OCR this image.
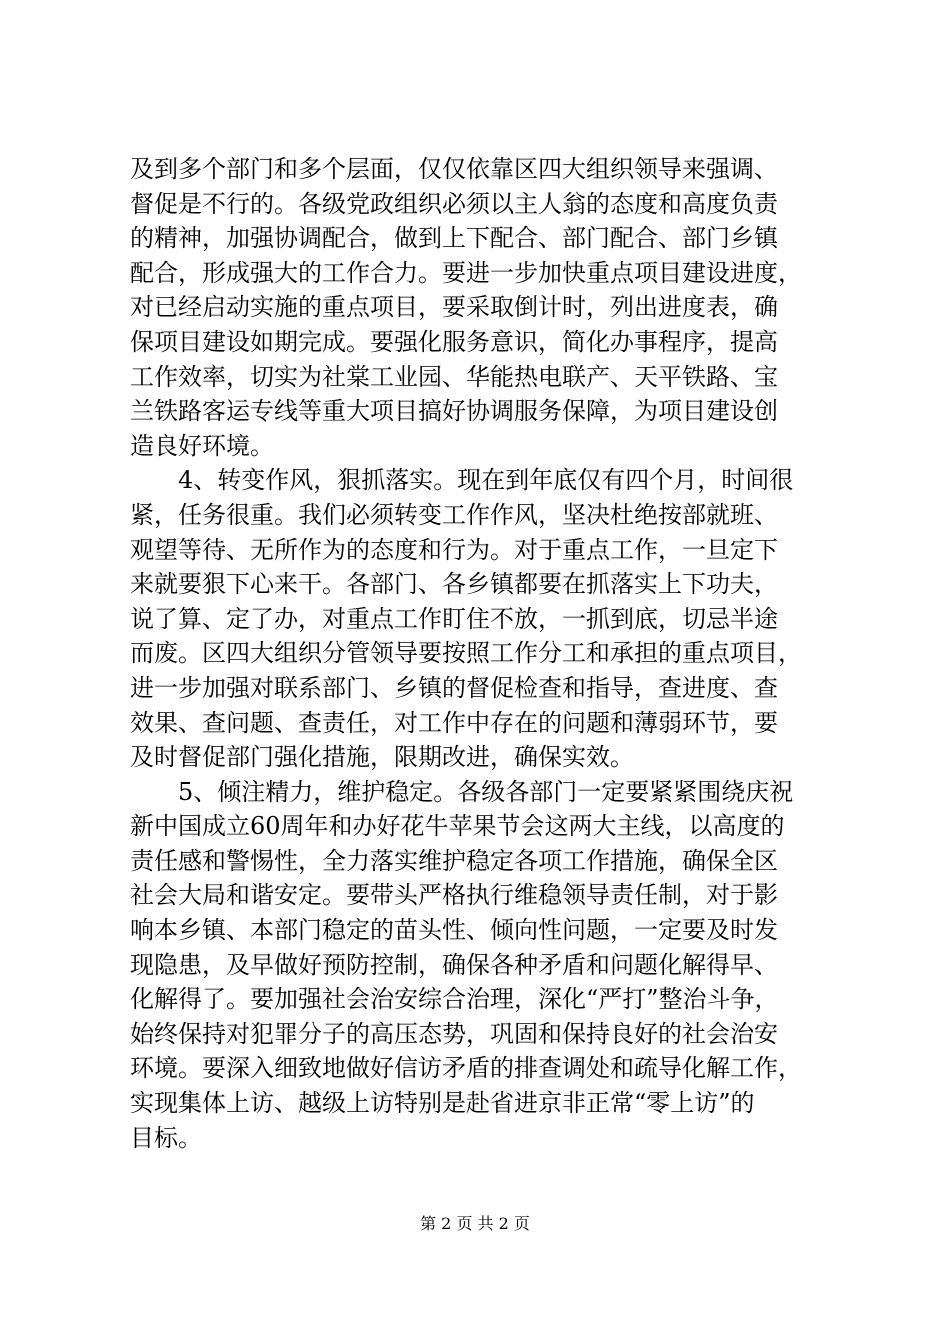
及到多个部门和多个层面，仅仅依靠区四大组织领导来强调、
督促是不行的。各级党政组织必须以主人翁的态度和高度负责
的精神，加强协调配合，做到上下配合、部门配合、部门乡镇
配合，形成强大的工作合力。要进一步加快重点项目建设进度，
对已经启动实施的重点项目，要采取倒计时，列出进度表，确
保项目建设如期完成。要强化服务意识，简化办事程序，提高
工作效率，切实为社棠工业园、华能热电联产、天平铁路、宝
兰铁路客运专线等重大项目搞好协调服务保障，为项目建设创
造良好环境。
4、转变作风，狠抓落实。现在到年底仅有四个月，时间很
紧，任务很重。我们必须转变工作作风，坚决杜绝按部就班、
观望等待、无所作为的态度和行为。对于重点工作，一旦定下
来就要狠下心来干。各部门、各乡镇都要在抓落实上下功夫，
说了算、定了办，对重点工作盯住不放，一抓到底，切忌半途
而废。区四大组织分管领导要按照工作分工和承担的重点项目，
进一步加强对联系部门、乡镇的督促检查和指导，查进度、查
效果、查问题、查责任，对工作中存在的问题和薄弱环节，要
及时督促部门强化措施，限期改进，确保实效。
5、倾注精力，维护稳定。各级各部门一定要紧紧围绕庆祝
新中国成立60周年和办好花牛苹果节会这两大主线，以高度的
责任感和警惕性，全力落实维护稳定各项工作措施，确保全区
社会大局和谐安定。要带头严格执行维稳领导责任制，对于影
响本乡镇、本部门稳定的苗头性、倾向性问题，一定要及时发
现隐患，及早做好预防控制，确保各种矛盾和问题化解得早、
化解得了。要加强社会治安综合治理，深化“严打”整治斗争，
始终保持对犯罪分子的高压态势，巩固和保持良好的社会治安
环境。要深入细致地做好信访矛盾的排查调处和疏导化解工作，
实现集体上访、越级上访特别是赴省进京非正常“零上访”的
目标。
第 2 页 共 2 页
